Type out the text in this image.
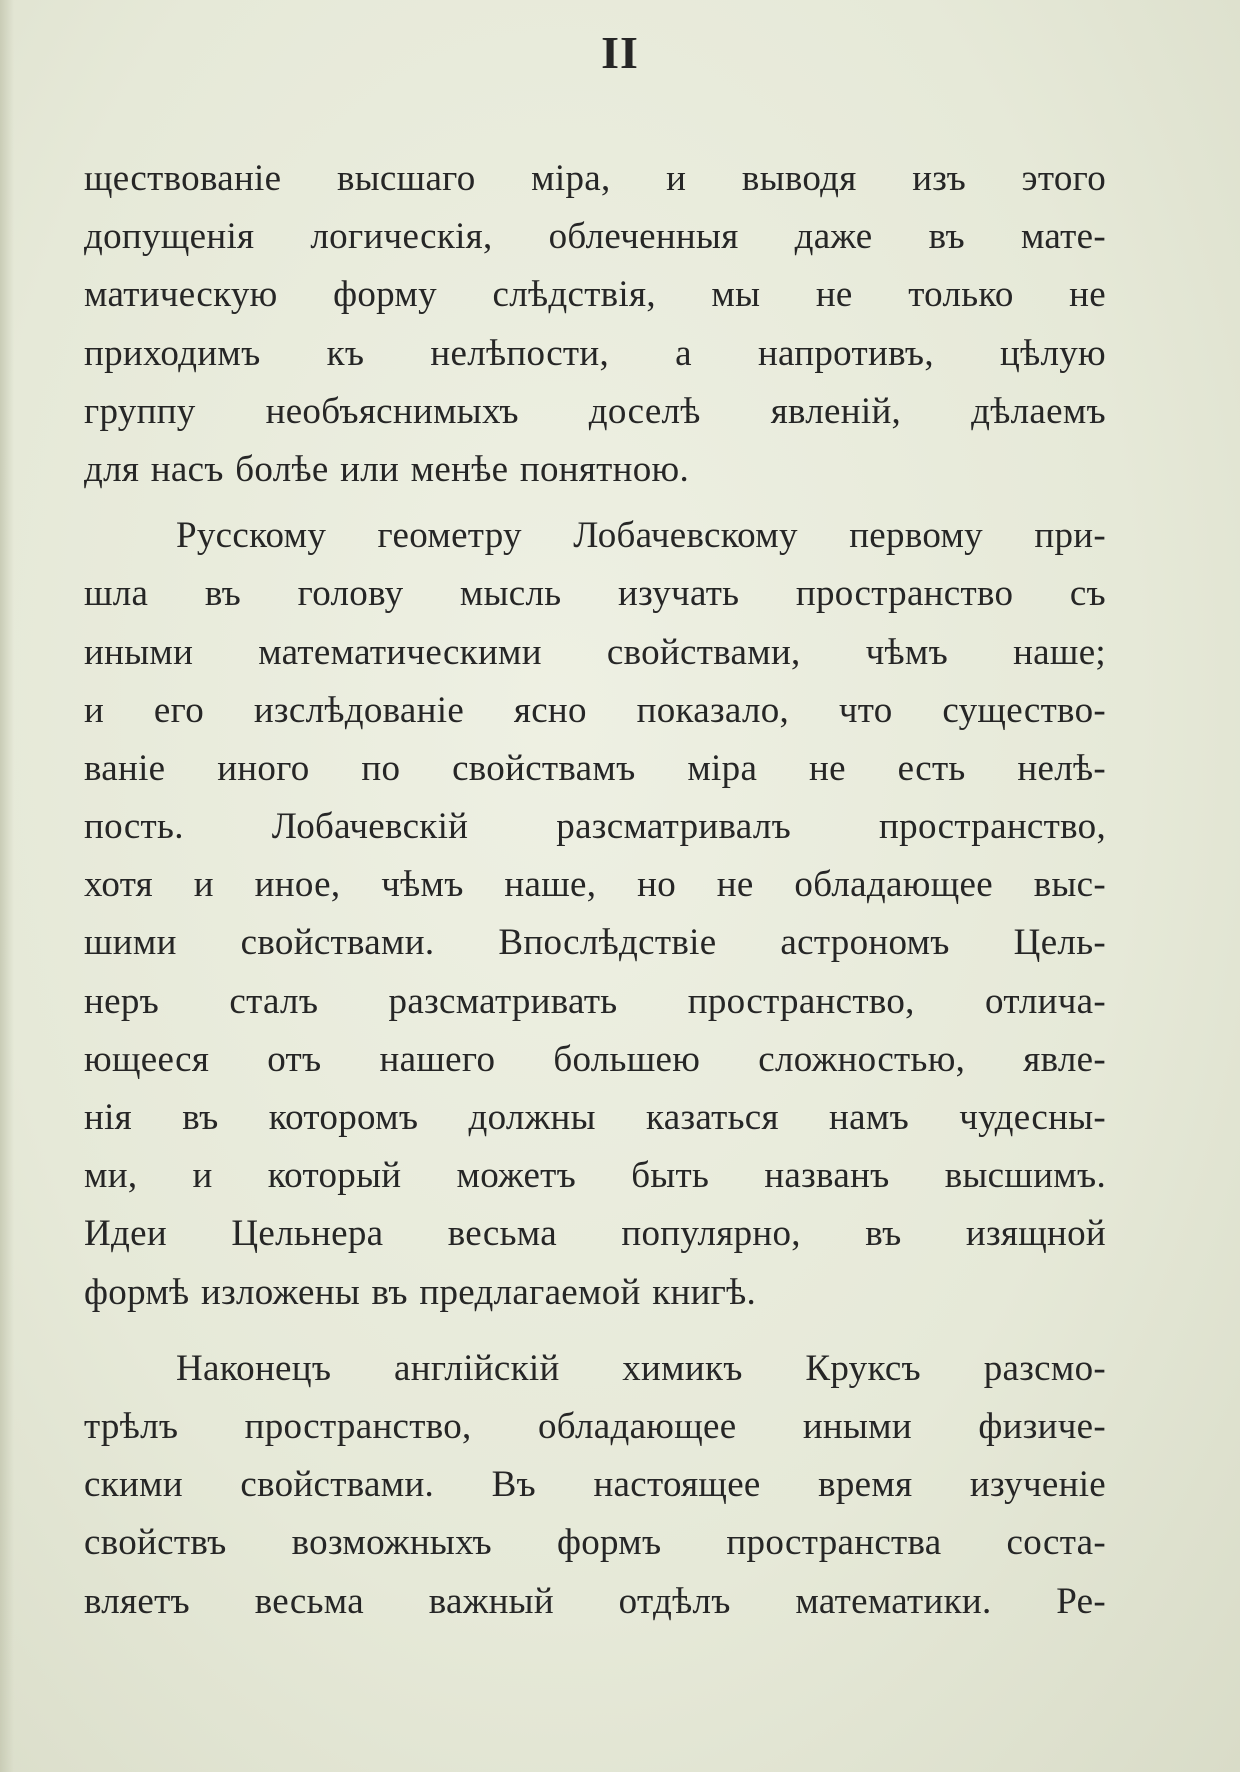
II
ществованіе высшаго міра, и выводя изъ этого
допущенія логическія, облеченныя даже въ мате-
матическую форму слѣдствія, мы не только не
приходимъ къ нелѣпости, а напротивъ, цѣлую
группу необъяснимыхъ доселѣ явленій, дѣлаемъ
для насъ болѣе или менѣе понятною.
Русскому геометру Лобачевскому первому при-
шла въ голову мысль изучать пространство съ
иными математическими свойствами, чѣмъ наше;
и его изслѣдованіе ясно показало, что существо-
ваніе иного по свойствамъ міра не есть нелѣ-
пость. Лобачевскій разсматривалъ пространство,
хотя и иное, чѣмъ наше, но не обладающее выс-
шими свойствами. Впослѣдствіе астрономъ Цель-
неръ сталъ разсматривать пространство, отлича-
ющееся отъ нашего большею сложностью, явле-
нія въ которомъ должны казаться намъ чудесны-
ми, и который можетъ быть названъ высшимъ.
Идеи Цельнера весьма популярно, въ изящной
формѣ изложены въ предлагаемой книгѣ.
Наконецъ англійскій химикъ Круксъ разсмо-
трѣлъ пространство, обладающее иными физиче-
скими свойствами. Въ настоящее время изученіе
свойствъ возможныхъ формъ пространства соста-
вляетъ весьма важный отдѣлъ математики. Ре-
